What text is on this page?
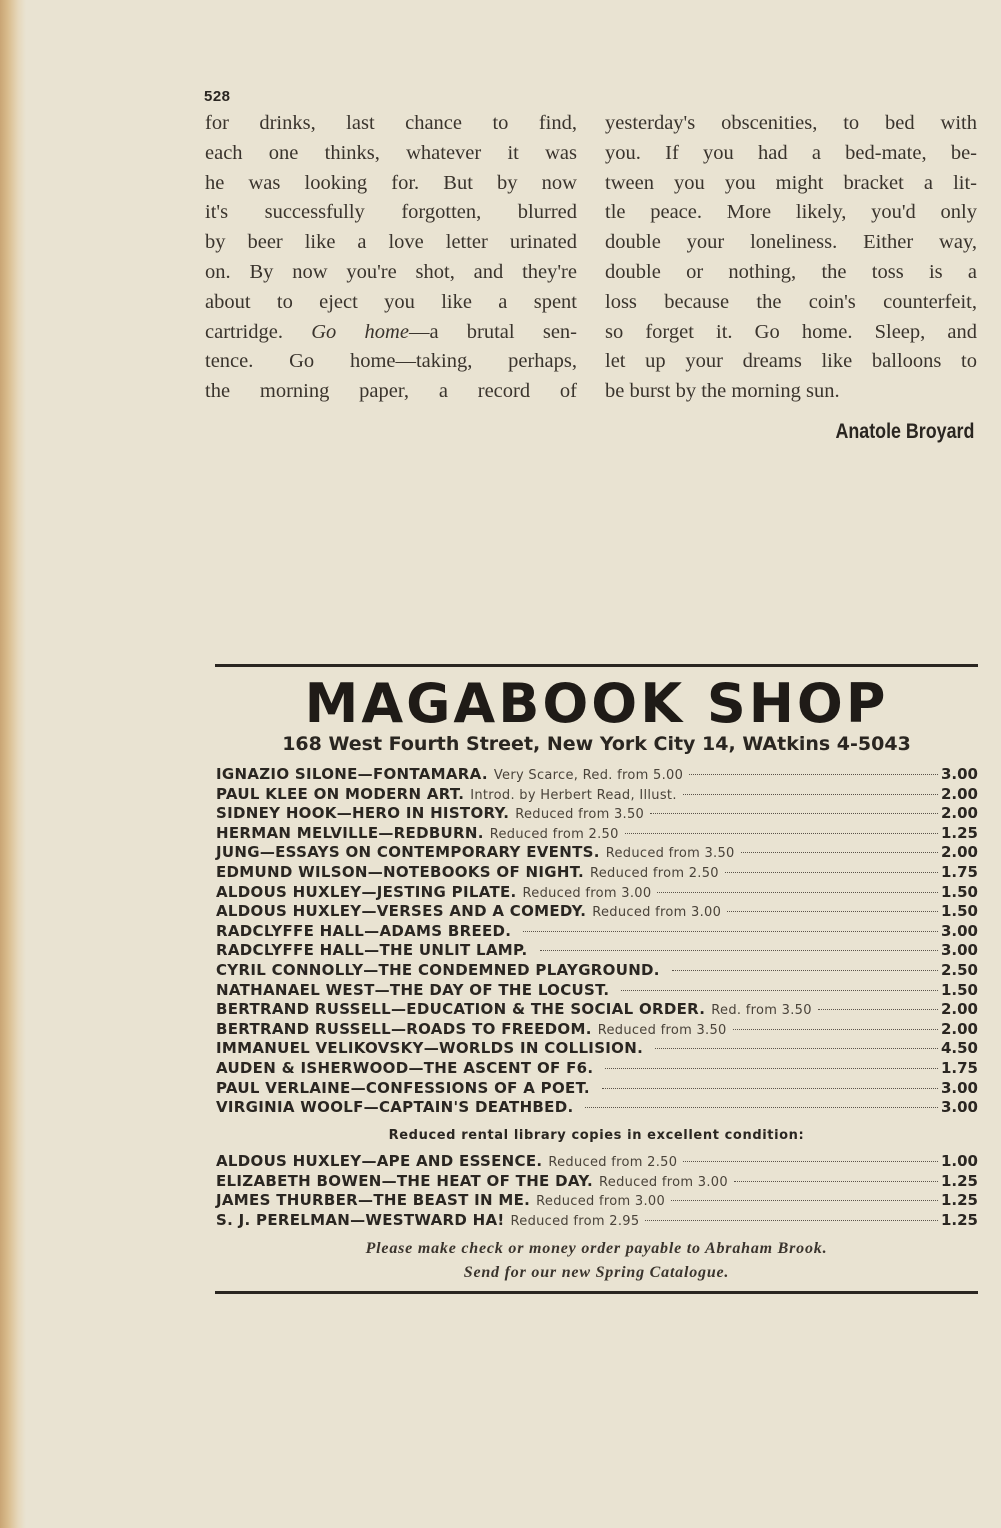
528
for drinks, last chance to find,
each one thinks, whatever it was
he was looking for. But by now
it's successfully forgotten, blurred
by beer like a love letter urinated
on. By now you're shot, and they're
about to eject you like a spent
cartridge. Go home—a brutal sen-
tence. Go home—taking, perhaps,
the morning paper, a record of
yesterday's obscenities, to bed with
you. If you had a bed-mate, be-
tween you you might bracket a lit-
tle peace. More likely, you'd only
double your loneliness. Either way,
double or nothing, the toss is a
loss because the coin's counterfeit,
so forget it. Go home. Sleep, and
let up your dreams like balloons to
be burst by the morning sun.
Anatole Broyard
MAGABOOK SHOP
168 West Fourth Street, New York City 14, WAtkins 4-5043
IGNAZIO SILONE—FONTAMARA. Very Scarce, Red. from 5.00	3.00
PAUL KLEE ON MODERN ART. Introd. by Herbert Read, Illust.	2.00
SIDNEY HOOK—HERO IN HISTORY. Reduced from 3.50	2.00
HERMAN MELVILLE—REDBURN. Reduced from 2.50	1.25
JUNG—ESSAYS ON CONTEMPORARY EVENTS. Reduced from 3.50	2.00
EDMUND WILSON—NOTEBOOKS OF NIGHT. Reduced from 2.50	1.75
ALDOUS HUXLEY—JESTING PILATE. Reduced from 3.00	1.50
ALDOUS HUXLEY—VERSES AND A COMEDY. Reduced from 3.00	1.50
RADCLYFFE HALL—ADAMS BREED.	3.00
RADCLYFFE HALL—THE UNLIT LAMP.	3.00
CYRIL CONNOLLY—THE CONDEMNED PLAYGROUND.	2.50
NATHANAEL WEST—THE DAY OF THE LOCUST.	1.50
BERTRAND RUSSELL—EDUCATION & THE SOCIAL ORDER. Red. from 3.50	2.00
BERTRAND RUSSELL—ROADS TO FREEDOM. Reduced from 3.50	2.00
IMMANUEL VELIKOVSKY—WORLDS IN COLLISION.	4.50
AUDEN & ISHERWOOD—THE ASCENT OF F6.	1.75
PAUL VERLAINE—CONFESSIONS OF A POET.	3.00
VIRGINIA WOOLF—CAPTAIN'S DEATHBED.	3.00
Reduced rental library copies in excellent condition:
ALDOUS HUXLEY—APE AND ESSENCE. Reduced from 2.50	1.00
ELIZABETH BOWEN—THE HEAT OF THE DAY. Reduced from 3.00	1.25
JAMES THURBER—THE BEAST IN ME. Reduced from 3.00	1.25
S. J. PERELMAN—WESTWARD HA! Reduced from 2.95	1.25
Please make check or money order payable to Abraham Brook.
Send for our new Spring Catalogue.
